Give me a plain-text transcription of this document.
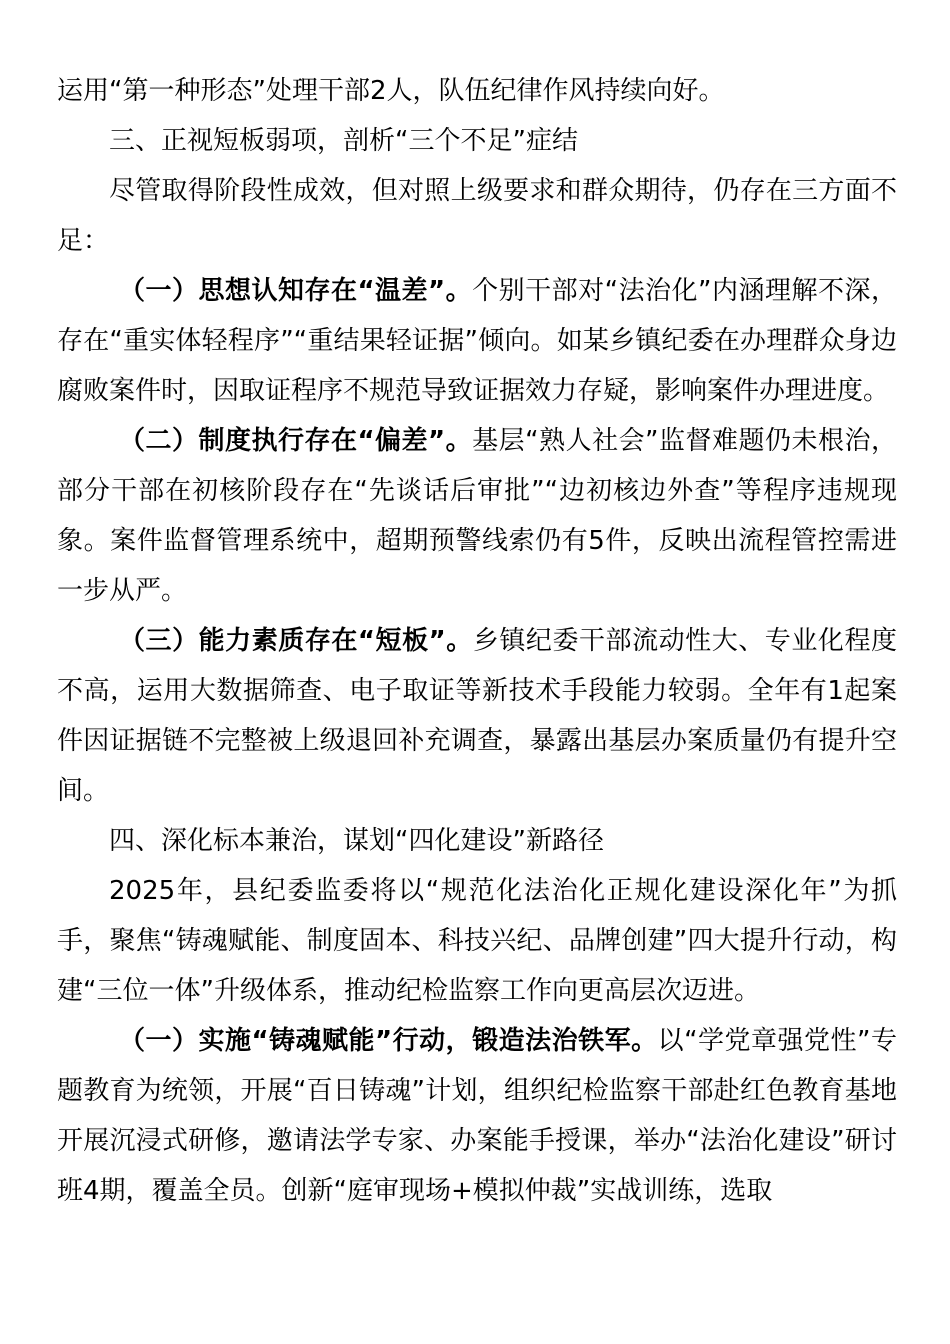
运用“第一种形态”处理干部2人，队伍纪律作风持续向好。

三、正视短板弱项，剖析“三个不足”症结

尽管取得阶段性成效，但对照上级要求和群众期待，仍存在三方面不足：

（一）思想认知存在“温差”。个别干部对“法治化”内涵理解不深，存在“重实体轻程序”“重结果轻证据”倾向。如某乡镇纪委在办理群众身边腐败案件时，因取证程序不规范导致证据效力存疑，影响案件办理进度。

（二）制度执行存在“偏差”。基层“熟人社会”监督难题仍未根治，部分干部在初核阶段存在“先谈话后审批”“边初核边外查”等程序违规现象。案件监督管理系统中，超期预警线索仍有5件，反映出流程管控需进一步从严。

（三）能力素质存在“短板”。乡镇纪委干部流动性大、专业化程度不高，运用大数据筛查、电子取证等新技术手段能力较弱。全年有1起案件因证据链不完整被上级退回补充调查，暴露出基层办案质量仍有提升空间。

四、深化标本兼治，谋划“四化建设”新路径

2025年，县纪委监委将以“规范化法治化正规化建设深化年”为抓手，聚焦“铸魂赋能、制度固本、科技兴纪、品牌创建”四大提升行动，构建“三位一体”升级体系，推动纪检监察工作向更高层次迈进。

（一）实施“铸魂赋能”行动，锻造法治铁军。以“学党章强党性”专题教育为统领，开展“百日铸魂”计划，组织纪检监察干部赴红色教育基地开展沉浸式研修，邀请法学专家、办案能手授课，举办“法治化建设”研讨班4期，覆盖全员。创新“庭审现场+模拟仲裁”实战训练，选取
